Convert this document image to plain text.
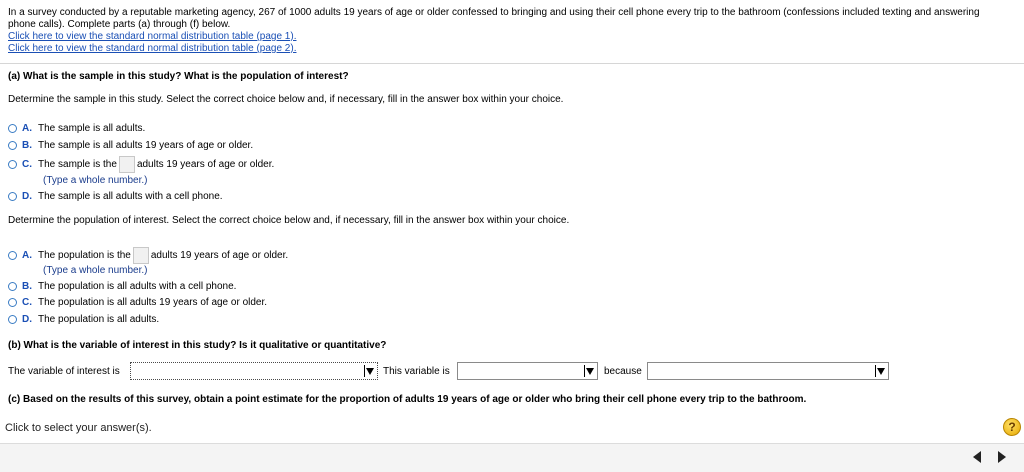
In a survey conducted by a reputable marketing agency, 267 of 1000 adults 19 years of age or older confessed to bringing and using their cell phone every trip to the bathroom (confessions included texting and answering phone calls). Complete parts (a) through (f) below.

Click here to view the standard normal distribution table (page 1).
Click here to view the standard normal distribution table (page 2).
(a) What is the sample in this study? What is the population of interest?
Determine the sample in this study. Select the correct choice below and, if necessary, fill in the answer box within your choice.
A. The sample is all adults.
B. The sample is all adults 19 years of age or older.
C. The sample is the adults 19 years of age or older.
(Type a whole number.)
D. The sample is all adults with a cell phone.
Determine the population of interest. Select the correct choice below and, if necessary, fill in the answer box within your choice.
A. The population is the adults 19 years of age or older.
(Type a whole number.)
B. The population is all adults with a cell phone.
C. The population is all adults 19 years of age or older.
D. The population is all adults.
(b) What is the variable of interest in this study? Is it qualitative or quantitative?
The variable of interest is	This variable is	because
(c) Based on the results of this survey, obtain a point estimate for the proportion of adults 19 years of age or older who bring their cell phone every trip to the bathroom.
Click to select your answer(s).	?
